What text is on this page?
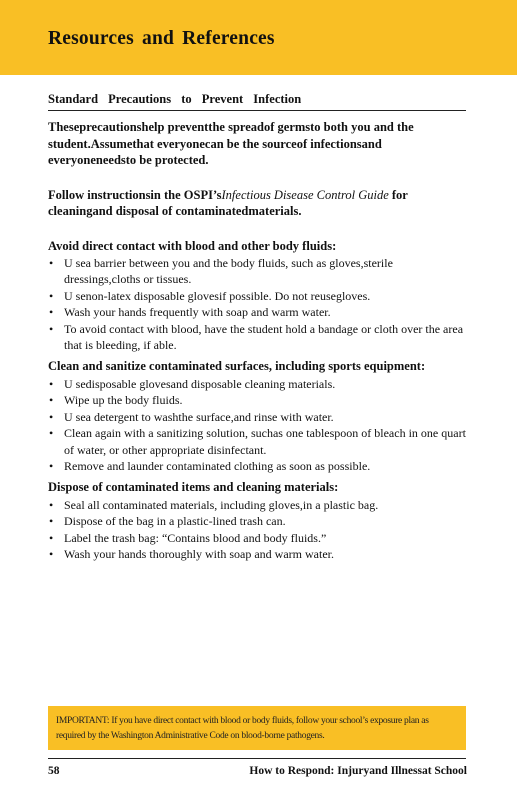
Resources and References
Standard Precautions to Prevent Infection

Theseprecautionshelp preventthe spreadof germsto both you and the student.Assumethat everyonecan be the sourceof infectionsand everyoneneedsto be protected.

Follow instructionsin the OSPI’sInfectious Disease Control Guide for cleaningand disposal of contaminatedmaterials.

Avoid direct contact with blood and other body fluids:
• U sea barrier between you and the body fluids, such as gloves,sterile dressings,cloths or tissues.
• U senon-latex disposable glovesif possible. Do not reusegloves.
• Wash your hands frequently with soap and warm water.
• To avoid contact with blood, have the student hold a bandage or cloth over the area that is bleeding, if able.
Clean and sanitize contaminated surfaces, including sports equipment:
• U sedisposable glovesand disposable cleaning materials.
• Wipe up the body fluids.
• U sea detergent to washthe surface,and rinse with water.
• Clean again with a sanitizing solution, suchas one tablespoon of bleach in one quart of water, or other appropriate disinfectant.
• Remove and launder contaminated clothing as soon as possible.
Dispose of contaminated items and cleaning materials:
• Seal all contaminated materials, including gloves,in a plastic bag.
• Dispose of the bag in a plastic-lined trash can.
• Label the trash bag: “Contains blood and body fluids.”
• Wash your hands thoroughly with soap and warm water.
IMPORTANT: If you have direct contact with blood or body fluids, follow your school’s exposure plan as required by the Washington Administrative Code on blood-borne pathogens.
58	How to Respond: Injuryand Illnessat School
